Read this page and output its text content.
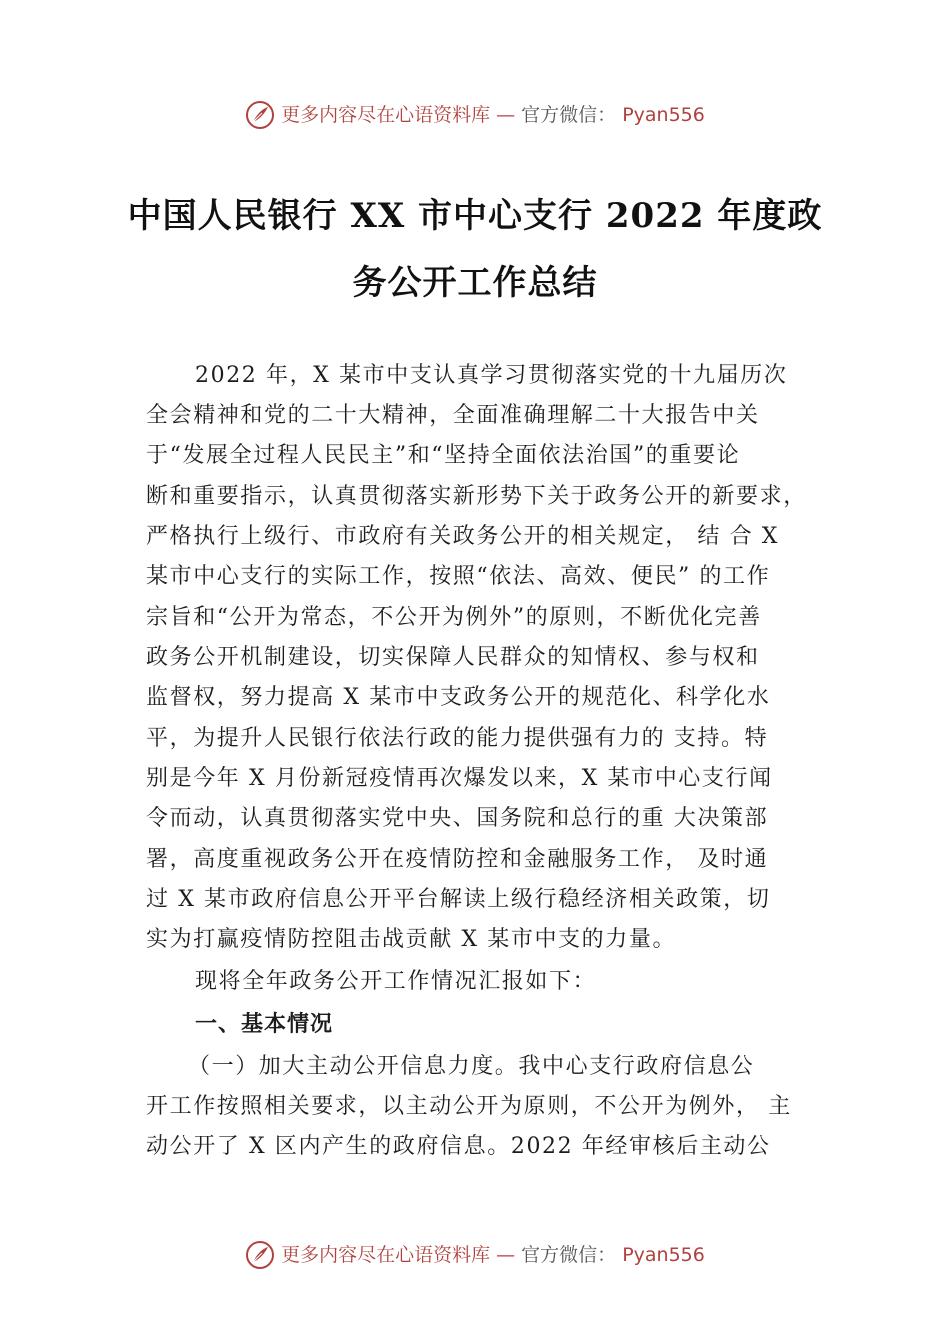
更多内容尽在心语资料库 — 官方微信： Pyan556
中国人民银行 XX 市中心支行 2022 年度政
务公开工作总结
2022 年，X 某市中支认真学习贯彻落实党的十九届历次
全会精神和党的二十大精神，全面准确理解二十大报告中关
于“发展全过程人民民主”和“坚持全面依法治国”的重要论
断和重要指示，认真贯彻落实新形势下关于政务公开的新要求，
严格执行上级行、市政府有关政务公开的相关规定， 结 合 X
某市中心支行的实际工作，按照“依法、高效、便民” 的工作
宗旨和“公开为常态，不公开为例外”的原则，不断优化完善
政务公开机制建设，切实保障人民群众的知情权、参与权和
监督权，努力提高 X 某市中支政务公开的规范化、科学化水
平，为提升人民银行依法行政的能力提供强有力的 支持。特
别是今年 X 月份新冠疫情再次爆发以来，X 某市中心支行闻
令而动，认真贯彻落实党中央、国务院和总行的重 大决策部
署，高度重视政务公开在疫情防控和金融服务工作， 及时通
过 X 某市政府信息公开平台解读上级行稳经济相关政策，切
实为打赢疫情防控阻击战贡献 X 某市中支的力量。
现将全年政务公开工作情况汇报如下：
一、基本情况
（一）加大主动公开信息力度。我中心支行政府信息公
开工作按照相关要求，以主动公开为原则，不公开为例外， 主
动公开了 X 区内产生的政府信息。2022 年经审核后主动公
更多内容尽在心语资料库 — 官方微信： Pyan556
